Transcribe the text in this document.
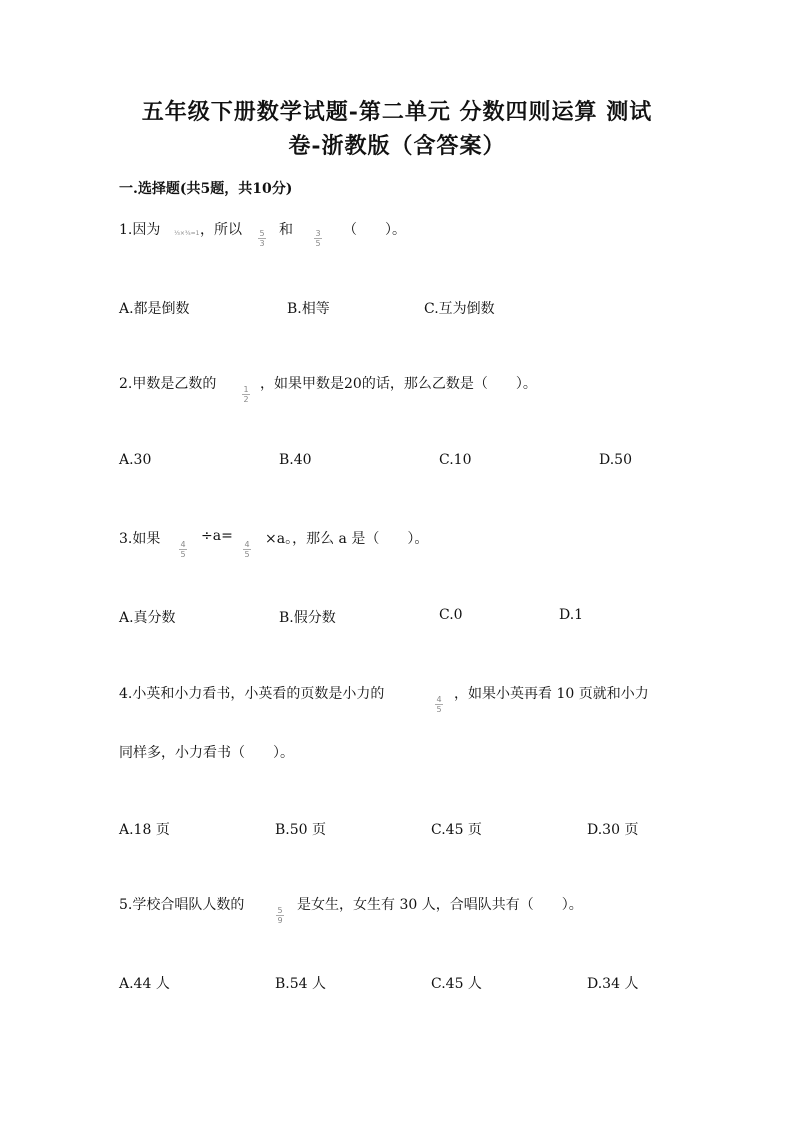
五年级下册数学试题-第二单元 分数四则运算 测试
卷-浙教版（含答案）
一.选择题(共5题，共10分)
1.因为 ⅓×¾=1 ，所以 5
3
和	3
5
（　　）。
A.都是倒数	B.相等	C.互为倒数
2.甲数是乙数的	1
2
，如果甲数是20的话，那么乙数是（　　）。
A.30	B.40	C.10	D.50
3.如果	4
5
÷a=
4
5
×a。，那么 a 是（　　）。
A.真分数	B.假分数	C.0	D.1
4.小英和小力看书，小英看的页数是小力的	4
5
，如果小英再看 10 页就和小力
同样多，小力看书（　　）。
A.18 页	B.50 页	C.45 页	D.30 页
5.学校合唱队人数的	5
9
是女生，女生有 30 人，合唱队共有（　　）。
A.44 人	B.54 人	C.45 人	D.34 人
